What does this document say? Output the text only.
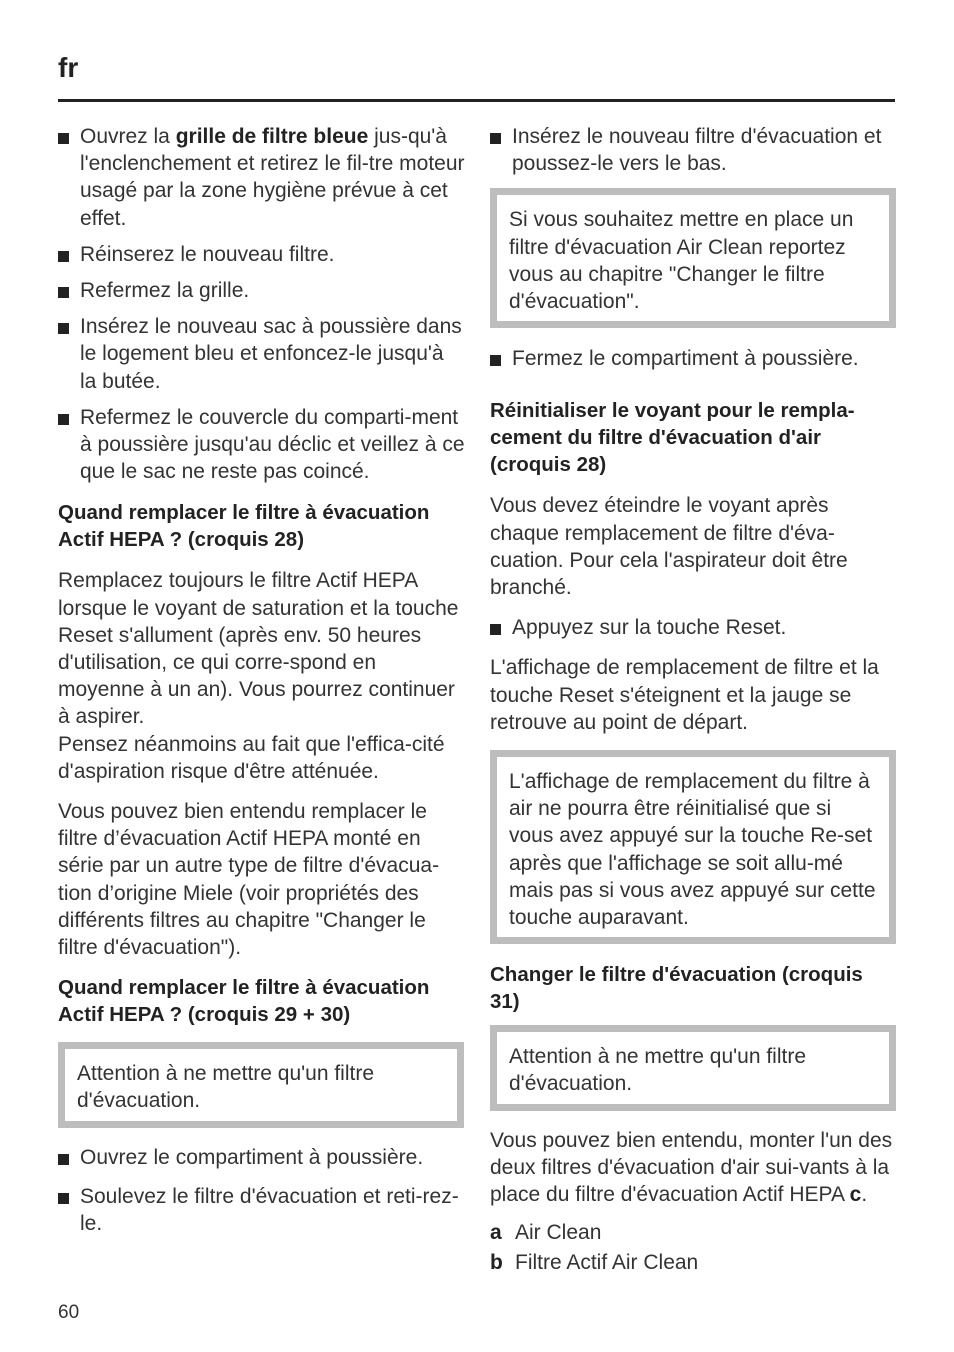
fr
Ouvrez la grille de filtre bleue jus-qu'à l'enclenchement et retirez le fil-tre moteur usagé par la zone hygiène prévue à cet effet.
Réinserez le nouveau filtre.
Refermez la grille.
Insérez le nouveau sac à poussière dans le logement bleu et enfoncez-le jusqu'à la butée.
Refermez le couvercle du comparti-ment à poussière jusqu'au déclic et veillez à ce que le sac ne reste pas coincé.
Quand remplacer le filtre à évacuation Actif HEPA ? (croquis 28)
Remplacez toujours le filtre Actif HEPA lorsque le voyant de saturation et la touche Reset s'allument (après env. 50 heures d'utilisation, ce qui corre-spond en moyenne à un an). Vous pourrez continuer à aspirer.
Pensez néanmoins au fait que l'effica-cité d'aspiration risque d'être atténuée.
Vous pouvez bien entendu remplacer le filtre d’évacuation Actif HEPA monté en série par un autre type de filtre d'évacua-tion d’origine Miele (voir propriétés des différents filtres au chapitre "Changer le filtre d'évacuation").
Quand remplacer le filtre à évacuation Actif HEPA ? (croquis 29 + 30)
Attention à ne mettre qu'un filtre d'évacuation.
Ouvrez le compartiment à poussière.
Soulevez le filtre d'évacuation et reti-rez-le.
Insérez le nouveau filtre d'évacuation et poussez-le vers le bas.
Si vous souhaitez mettre en place un filtre d'évacuation Air Clean reportez vous au chapitre "Changer le filtre d'évacuation".
Fermez le compartiment à poussière.
Réinitialiser le voyant pour le rempla-cement du filtre d'évacuation d'air (croquis 28)
Vous devez éteindre le voyant après chaque remplacement de filtre d'éva-cuation. Pour cela l'aspirateur doit être branché.
Appuyez sur la touche Reset.
L'affichage de remplacement de filtre et la touche Reset s'éteignent et la jauge se retrouve au point de départ.
L'affichage de remplacement du filtre à air ne pourra être réinitialisé que si vous avez appuyé sur la touche Re-set après que l'affichage se soit allu-mé mais pas si vous avez appuyé sur cette touche auparavant.
Changer le filtre d'évacuation (croquis 31)
Attention à ne mettre qu'un filtre d'évacuation.
Vous pouvez bien entendu, monter l'un des deux filtres d'évacuation d'air sui-vants à la place du filtre d'évacuation Actif HEPA c.
a Air Clean
b Filtre Actif Air Clean
60
